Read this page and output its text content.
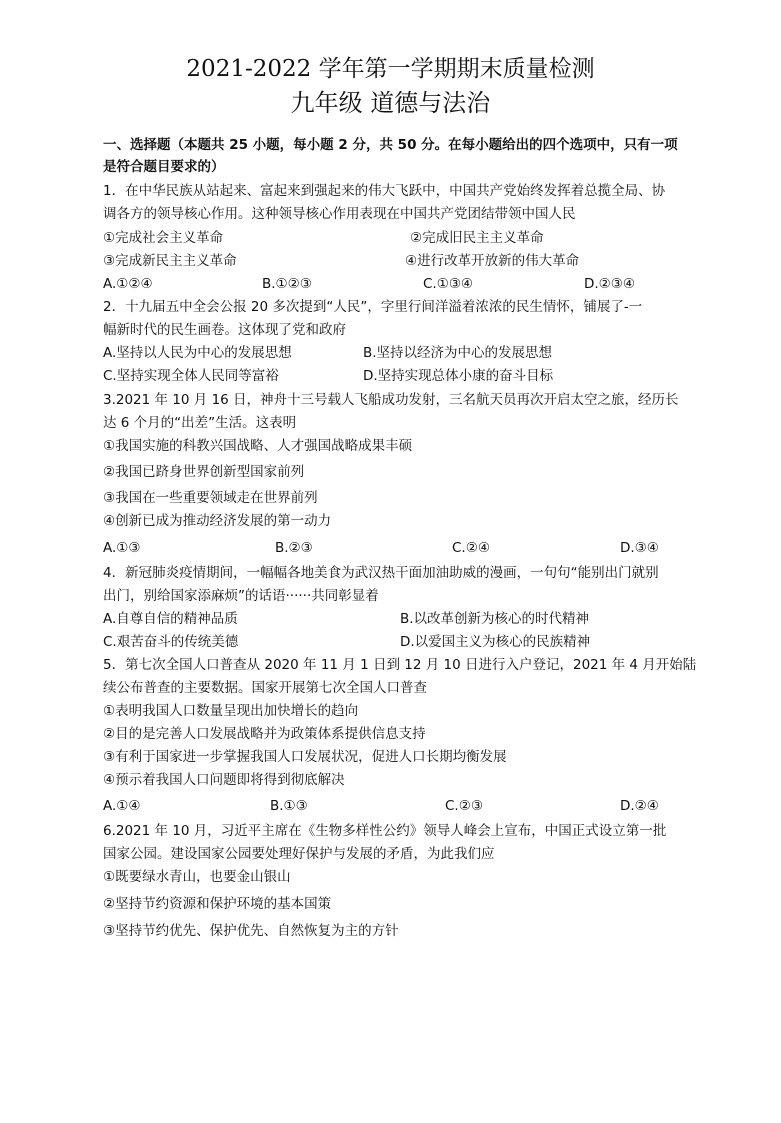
2021-2022 学年第一学期期末质量检测
九年级 道德与法治
一、选择题（本题共 25 小题，每小题 2 分，共 50 分。在每小题给出的四个选项中，只有一项
是符合题目要求的）
1．在中华民族从站起来、富起来到强起来的伟大飞跃中，中国共产党始终发挥着总揽全局、协
调各方的领导核心作用。这种领导核心作用表现在中国共产党团结带领中国人民
①完成社会主义革命	②完成旧民主主义革命
③完成新民主主义革命	④进行改革开放新的伟大革命
A.①②④	B.①②③	C.①③④	D.②③④
2．十九届五中全会公报 20 多次提到“人民”，字里行间洋溢着浓浓的民生情怀，铺展了-一
幅新时代的民生画卷。这体现了党和政府
A.坚持以人民为中心的发展思想	B.坚持以经济为中心的发展思想
C.坚持实现全体人民同等富裕	D.坚持实现总体小康的奋斗目标
3.2021 年 10 月 16 日，神舟十三号载人飞船成功发射，三名航天员再次开启太空之旅，经历长
达 6 个月的“出差”生活。这表明
①我国实施的科教兴国战略、人才强国战略成果丰硕
②我国已跻身世界创新型国家前列
③我国在一些重要领域走在世界前列
④创新已成为推动经济发展的第一动力
A.①③	B.②③	C.②④	D.③④
4．新冠肺炎疫情期间，一幅幅各地美食为武汉热干面加油助威的漫画，一句句“能别出门就别
出门，别给国家添麻烦”的话语······共同彰显着
A.自尊自信的精神品质	B.以改革创新为核心的时代精神
C.艰苦奋斗的传统美德	D.以爱国主义为核心的民族精神
5．第七次全国人口普查从 2020 年 11 月 1 日到 12 月 10 日进行入户登记，2021 年 4 月开始陆
续公布普查的主要数据。国家开展第七次全国人口普查
①表明我国人口数量呈现出加快增长的趋向
②目的是完善人口发展战略并为政策体系提供信息支持
③有利于国家进一步掌握我国人口发展状况，促进人口长期均衡发展
④预示着我国人口问题即将得到彻底解决
A.①④	B.①③	C.②③	D.②④
6.2021 年 10 月，习近平主席在《生物多样性公约》领导人峰会上宣布，中国正式设立第一批
国家公园。建设国家公园要处理好保护与发展的矛盾，为此我们应
①既要绿水青山，也要金山银山
②坚持节约资源和保护环境的基本国策
③坚持节约优先、保护优先、自然恢复为主的方针
